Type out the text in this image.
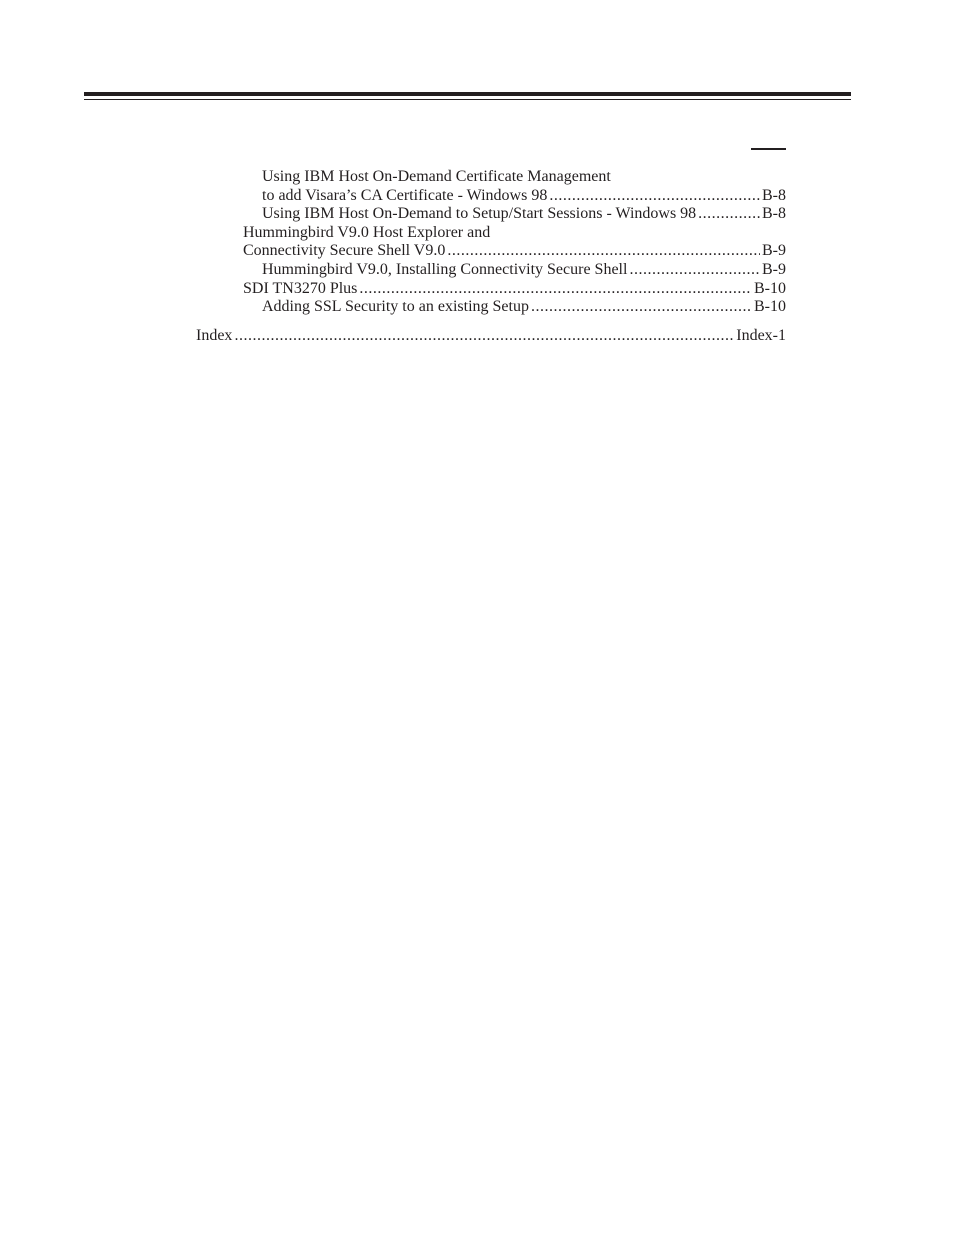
Using IBM Host On-Demand Certificate Management
to add Visara’s CA Certificate - Windows 98 .....	B-8
Using IBM Host On-Demand to Setup/Start Sessions - Windows 98 .....	B-8
Hummingbird V9.0 Host Explorer and
Connectivity Secure Shell V9.0 .....	B-9
Hummingbird V9.0, Installing Connectivity Secure Shell .....	B-9
SDI TN3270 Plus .....	B-10
Adding SSL Security to an existing Setup .....	B-10
Index .....	Index-1
